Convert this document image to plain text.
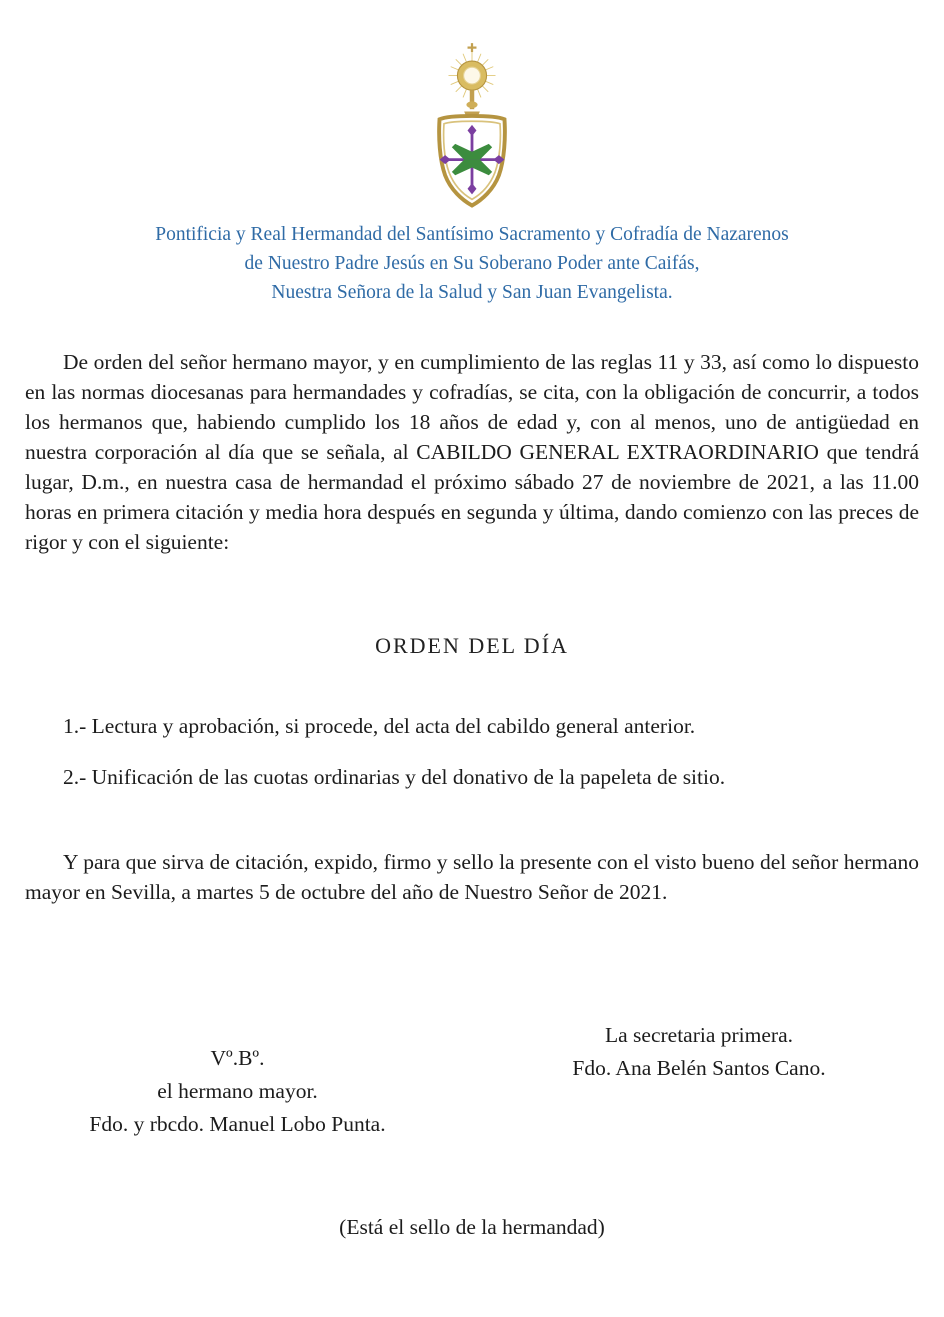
Pontificia y Real Hermandad del Santísimo Sacramento y Cofradía de Nazarenos
de Nuestro Padre Jesús en Su Soberano Poder ante Caifás,
Nuestra Señora de la Salud y San Juan Evangelista.

De orden del señor hermano mayor, y en cumplimiento de las reglas 11 y 33, así como lo dispuesto en las normas diocesanas para hermandades y cofradías, se cita, con la obligación de concurrir, a todos los hermanos que, habiendo cumplido los 18 años de edad y, con al menos, uno de antigüedad en nuestra corporación al día que se señala, al CABILDO GENERAL EXTRAORDINARIO que tendrá lugar, D.m., en nuestra casa de hermandad el próximo sábado 27 de noviembre de 2021, a las 11.00 horas en primera citación y media hora después en segunda y última, dando comienzo con las preces de rigor y con el siguiente:

ORDEN DEL DÍA

1.- Lectura y aprobación, si procede, del acta del cabildo general anterior.

2.- Unificación de las cuotas ordinarias y del donativo de la papeleta de sitio.

Y para que sirva de citación, expido, firmo y sello la presente con el visto bueno del señor hermano mayor en Sevilla, a martes 5 de octubre del año de Nuestro Señor de 2021.

Vº.Bº.
el hermano mayor.
Fdo. y rbcdo. Manuel Lobo Punta.
La secretaria primera.
Fdo. Ana Belén Santos Cano.
(Está el sello de la hermandad)
